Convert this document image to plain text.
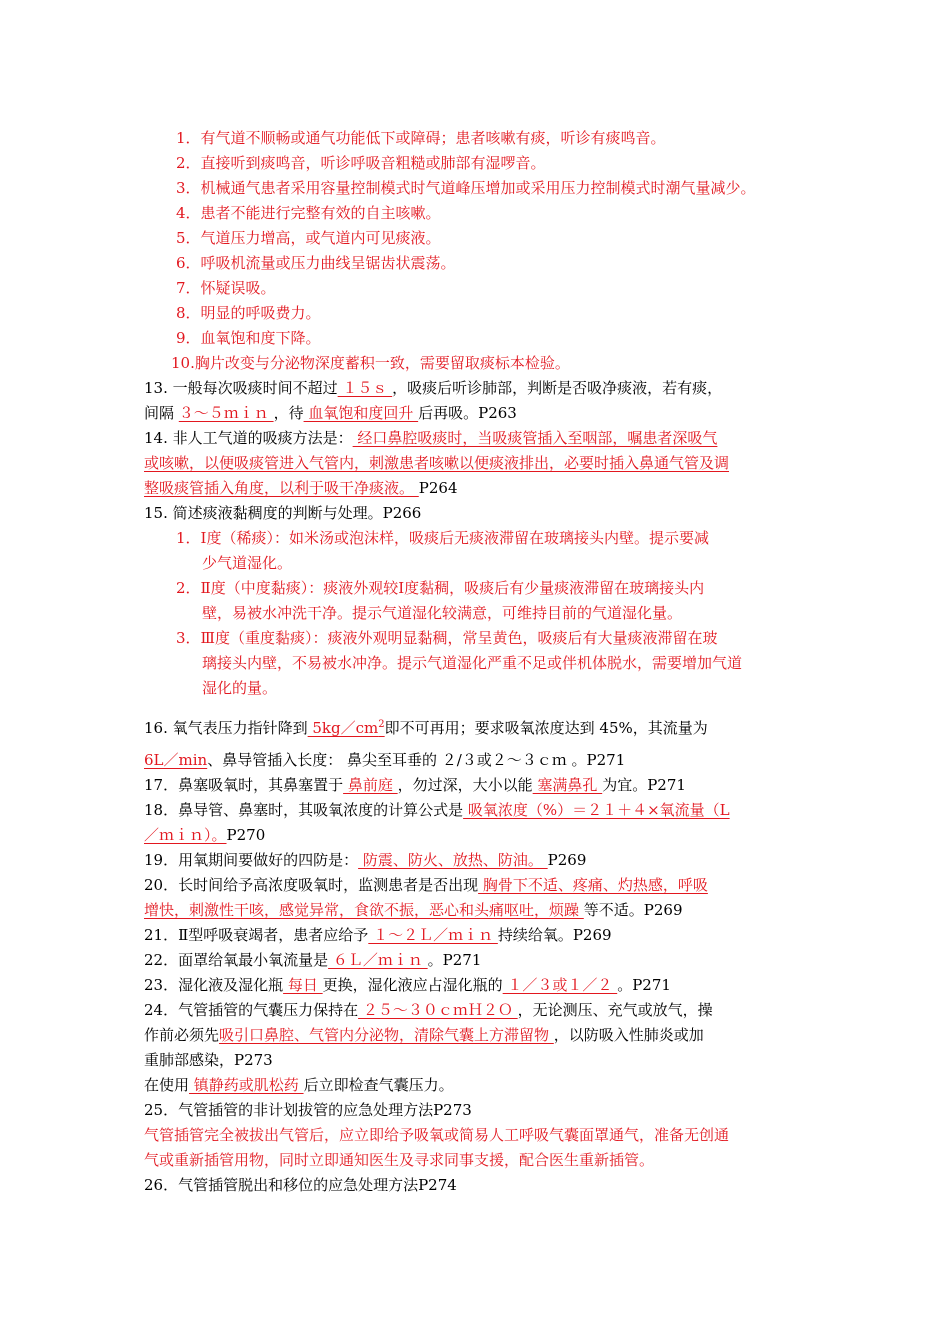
1．有气道不顺畅或通气功能低下或障碍；患者咳嗽有痰，听诊有痰鸣音。
2．直接听到痰鸣音，听诊呼吸音粗糙或肺部有湿啰音。
3．机械通气患者采用容量控制模式时气道峰压增加或采用压力控制模式时潮气量减少。
4．患者不能进行完整有效的自主咳嗽。
5．气道压力增高，或气道内可见痰液。
6．呼吸机流量或压力曲线呈锯齿状震荡。
7．怀疑误吸。
8．明显的呼吸费力。
9．血氧饱和度下降。
10.胸片改变与分泌物深度蓄积一致，需要留取痰标本检验。
13. 一般每次吸痰时间不超过 １５ｓ ，吸痰后听诊肺部，判断是否吸净痰液，若有痰，
间隔 ３～５ｍｉｎ ，待 血氧饱和度回升 后再吸。P263
14. 非人工气道的吸痰方法是： 经口鼻腔吸痰时，当吸痰管插入至咽部，嘱患者深吸气
或咳嗽，以便吸痰管进入气管内，刺激患者咳嗽以便痰液排出，必要时插入鼻通气管及调
整吸痰管插入角度，以利于吸干净痰液。 P264
15. 简述痰液黏稠度的判断与处理。P266
1．Ⅰ度（稀痰）：如米汤或泡沫样，吸痰后无痰液滞留在玻璃接头内壁。提示要减
少气道湿化。
2．Ⅱ度（中度黏痰）：痰液外观较Ⅰ度黏稠，吸痰后有少量痰液滞留在玻璃接头内
壁，易被水冲洗干净。提示气道湿化较满意，可维持目前的气道湿化量。
3．Ⅲ度（重度黏痰）：痰液外观明显黏稠，常呈黄色，吸痰后有大量痰液滞留在玻
璃接头内壁，不易被水冲净。提示气道湿化严重不足或伴机体脱水，需要增加气道
湿化的量。
16. 氧气表压力指针降到 $5kg/cm^2$即不可再用；要求吸氧浓度达到 45%，其流量为
6L／min、鼻导管插入长度： 鼻尖至耳垂的 ２/３或２～３ｃｍ 。P271
17．鼻塞吸氧时，其鼻塞置于 鼻前庭 ，勿过深，大小以能 塞满鼻孔 为宜。P271
18．鼻导管、鼻塞时，其吸氧浓度的计算公式是 吸氧浓度（%）＝２１＋４×氧流量（L
／ｍｉｎ）。P270
19．用氧期间要做好的四防是： 防震、防火、放热、防油。 P269
20．长时间给予高浓度吸氧时，监测患者是否出现 胸骨下不适、疼痛、灼热感，呼吸
增快，刺激性干咳，感觉异常，食欲不振，恶心和头痛呕吐，烦躁 等不适。P269
21．Ⅱ型呼吸衰竭者，患者应给予 １～２Ｌ／ｍｉｎ 持续给氧。P269
22．面罩给氧最小氧流量是 ６Ｌ／ｍｉｎ 。P271
23．湿化液及湿化瓶 每日 更换，湿化液应占湿化瓶的 １／３或１／２ 。P271
24．气管插管的气囊压力保持在 ２５～３０ｃｍＨ２Ｏ ，无论测压、充气或放气，操
作前必须先吸引口鼻腔、气管内分泌物，清除气囊上方滞留物 ，以防吸入性肺炎或加
重肺部感染，P273
在使用 镇静药或肌松药 后立即检查气囊压力。
25．气管插管的非计划拔管的应急处理方法P273
气管插管完全被拔出气管后，应立即给予吸氧或简易人工呼吸气囊面罩通气，准备无创通
气或重新插管用物，同时立即通知医生及寻求同事支援，配合医生重新插管。
26．气管插管脱出和移位的应急处理方法P274
